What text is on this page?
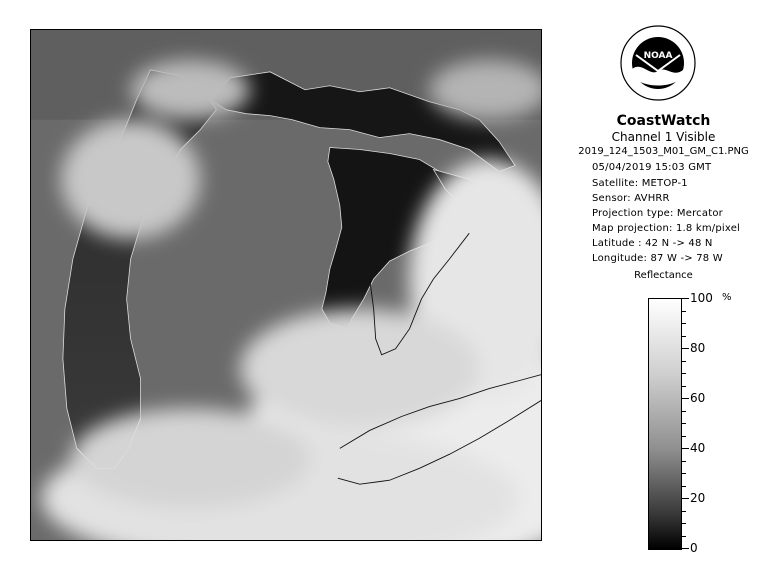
NOAA
CoastWatch
Channel 1 Visible
2019_124_1503_M01_GM_C1.PNG
05/04/2019 15:03 GMT
Satellite: METOP-1
Sensor: AVHRR
Projection type: Mercator
Map projection: 1.8 km/pixel
Latitude : 42 N -> 48 N
Longitude: 87 W -> 78 W
Reflectance
%
100
80
60
40
20
0
